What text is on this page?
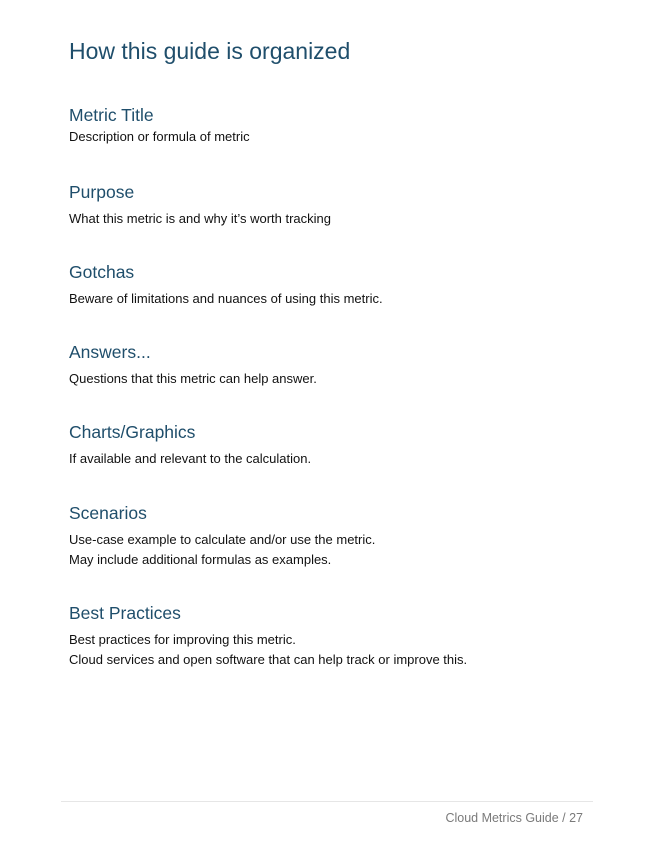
How this guide is organized
Metric Title

Description or formula of metric

Purpose

What this metric is and why it’s worth tracking

Gotchas

Beware of limitations and nuances of using this metric.

Answers...

Questions that this metric can help answer.

Charts/Graphics

If available and relevant to the calculation.

Scenarios

Use-case example to calculate and/or use the metric.

May include additional formulas as examples.

Best Practices

Best practices for improving this metric.

Cloud services and open software that can help track or improve this.

Cloud Metrics Guide / 27
